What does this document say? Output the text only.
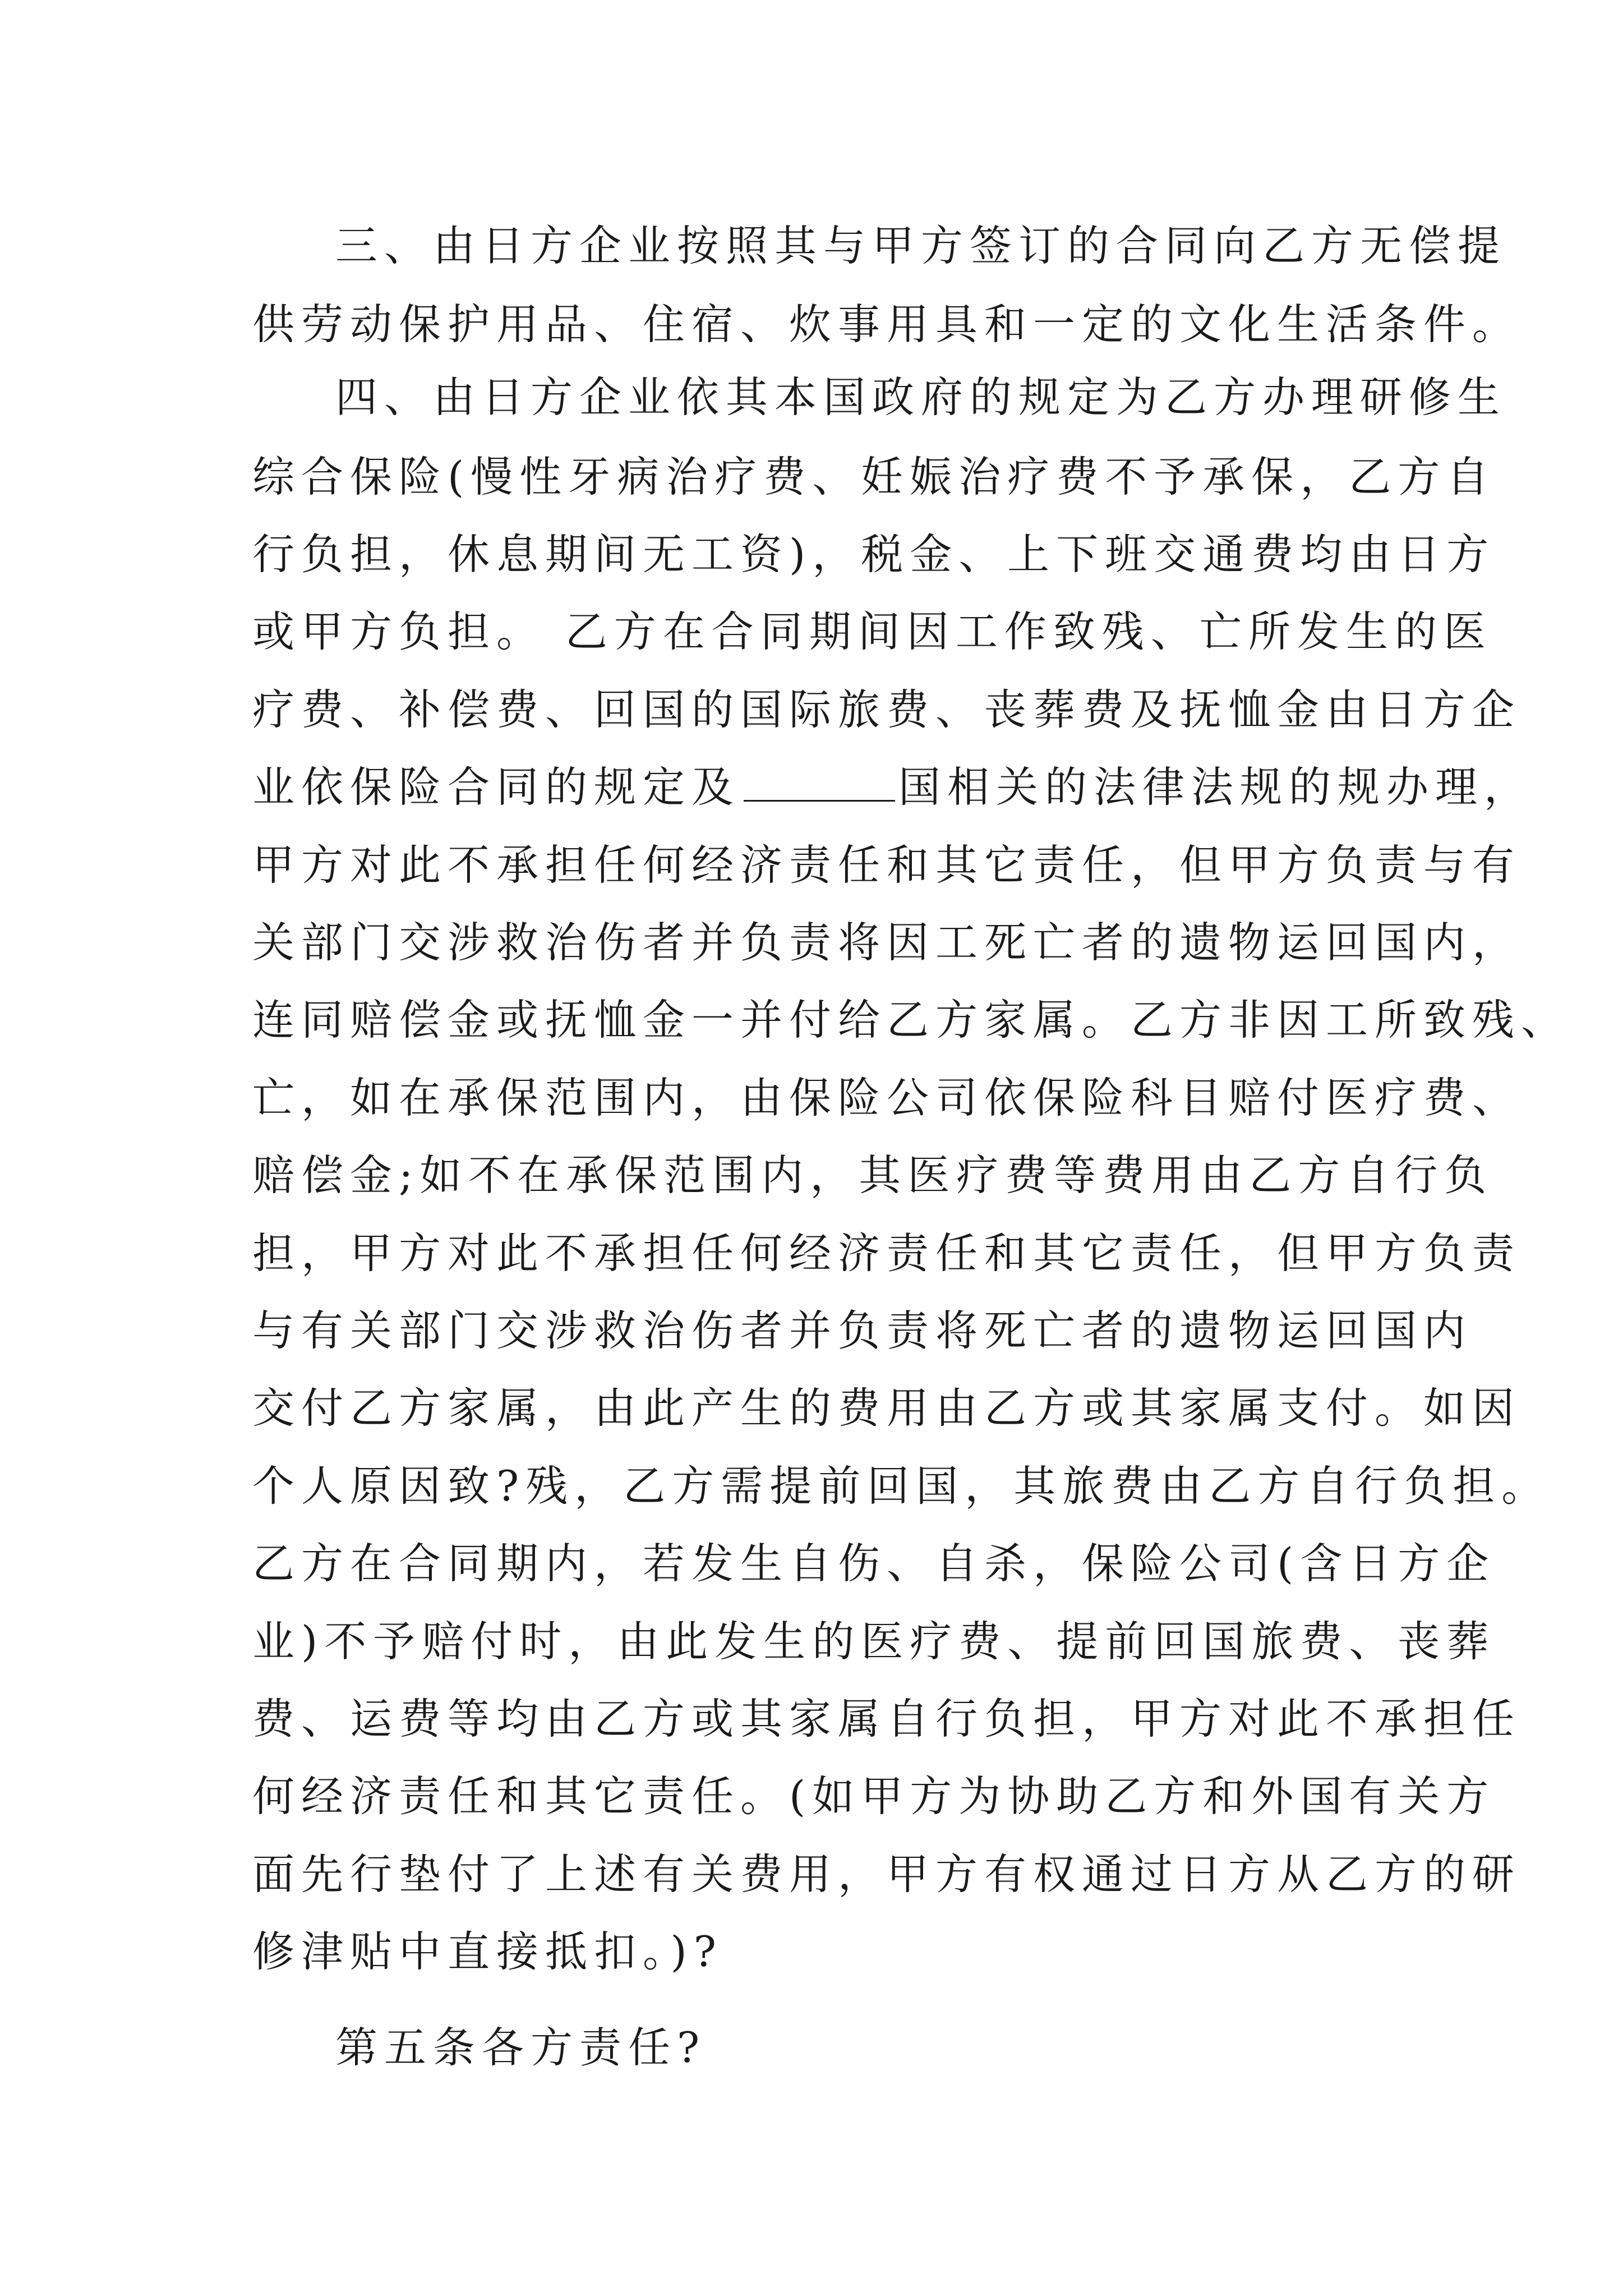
三、由日方企业按照其与甲方签订的合同向乙方无偿提
供劳动保护用品、住宿、炊事用具和一定的文化生活条件。
四、由日方企业依其本国政府的规定为乙方办理研修生
综合保险(慢性牙病治疗费、妊娠治疗费不予承保，乙方自
行负担，休息期间无工资)，税金、上下班交通费均由日方
或甲方负担。 乙方在合同期间因工作致残、亡所发生的医
疗费、补偿费、回国的国际旅费、丧葬费及抚恤金由日方企
业依保险合同的规定及	国相关的法律法规的规办理，
甲方对此不承担任何经济责任和其它责任，但甲方负责与有
关部门交涉救治伤者并负责将因工死亡者的遗物运回国内，
连同赔偿金或抚恤金一并付给乙方家属。乙方非因工所致残、
亡，如在承保范围内，由保险公司依保险科目赔付医疗费、
赔偿金;如不在承保范围内，其医疗费等费用由乙方自行负
担，甲方对此不承担任何经济责任和其它责任，但甲方负责
与有关部门交涉救治伤者并负责将死亡者的遗物运回国内
交付乙方家属，由此产生的费用由乙方或其家属支付。如因
个人原因致?残，乙方需提前回国，其旅费由乙方自行负担。
乙方在合同期内，若发生自伤、自杀，保险公司(含日方企
业)不予赔付时，由此发生的医疗费、提前回国旅费、丧葬
费、运费等均由乙方或其家属自行负担，甲方对此不承担任
何经济责任和其它责任。(如甲方为协助乙方和外国有关方
面先行垫付了上述有关费用，甲方有权通过日方从乙方的研
修津贴中直接抵扣。)?
第五条各方责任?
